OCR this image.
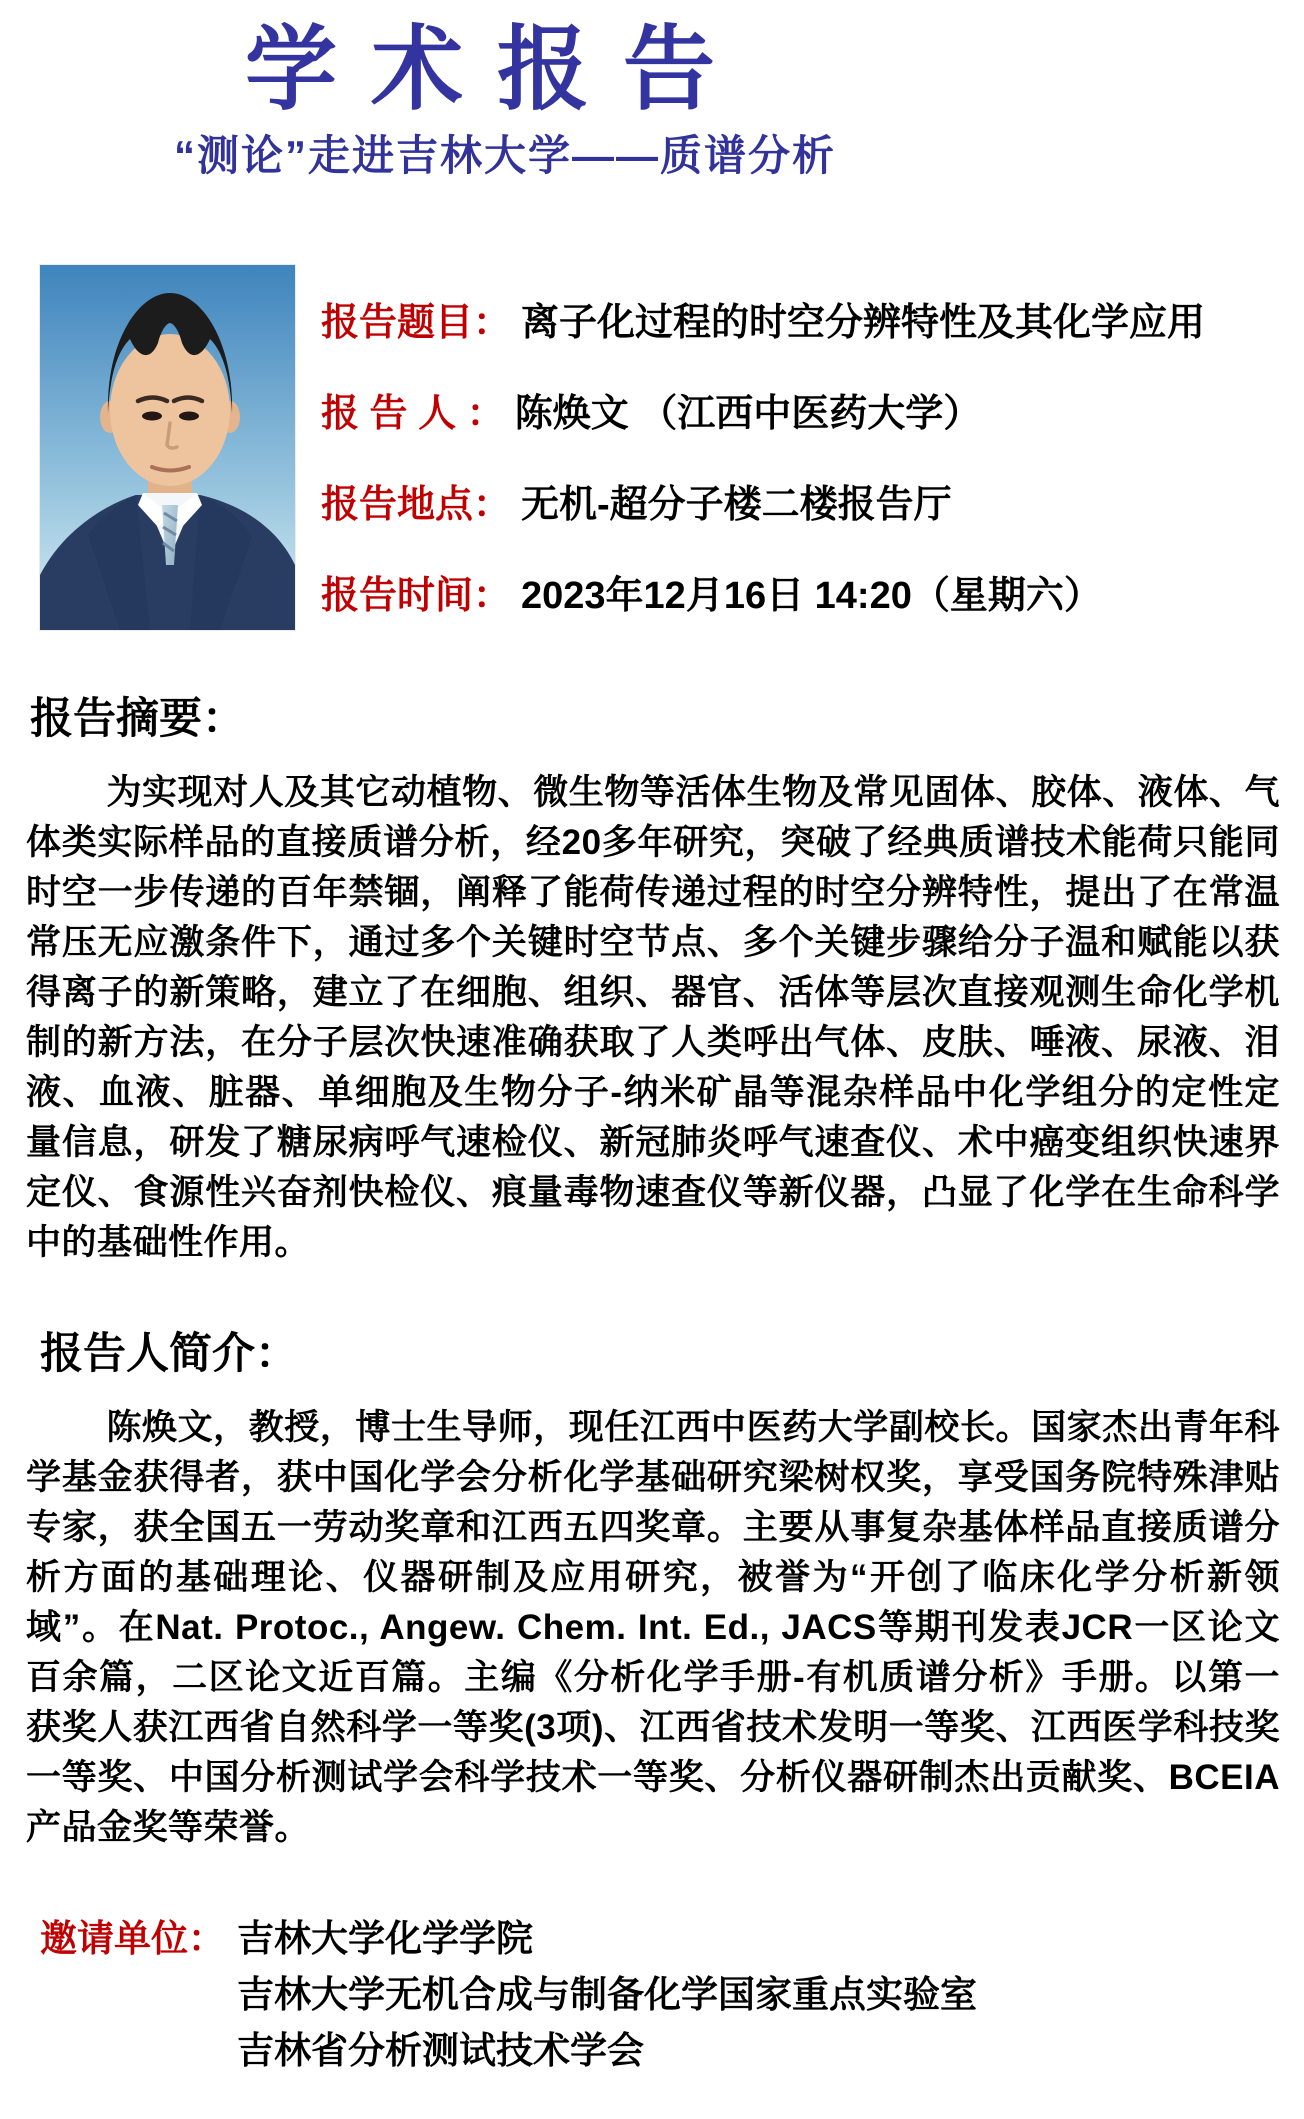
学术报告
“测论”走进吉林大学——质谱分析
报告题目： 离子化过程的时空分辨特性及其化学应用
报 告 人 ： 陈焕文 （江西中医药大学）
报告地点： 无机-超分子楼二楼报告厅
报告时间： 2023年12月16日 14:20（星期六）
报告摘要：

为实现对人及其它动植物、微生物等活体生物及常见固体、胶体、液体、气体类实际样品的直接质谱分析，经20多年研究，突破了经典质谱技术能荷只能同时空一步传递的百年禁锢，阐释了能荷传递过程的时空分辨特性，提出了在常温常压无应激条件下，通过多个关键时空节点、多个关键步骤给分子温和赋能以获得离子的新策略，建立了在细胞、组织、器官、活体等层次直接观测生命化学机制的新方法，在分子层次快速准确获取了人类呼出气体、皮肤、唾液、尿液、泪液、血液、脏器、单细胞及生物分子-纳米矿晶等混杂样品中化学组分的定性定量信息，研发了糖尿病呼气速检仪、新冠肺炎呼气速查仪、术中癌变组织快速界定仪、食源性兴奋剂快检仪、痕量毒物速查仪等新仪器，凸显了化学在生命科学中的基础性作用。

报告人简介：

陈焕文，教授，博士生导师，现任江西中医药大学副校长。国家杰出青年科学基金获得者，获中国化学会分析化学基础研究梁树权奖，享受国务院特殊津贴专家，获全国五一劳动奖章和江西五四奖章。主要从事复杂基体样品直接质谱分析方面的基础理论、仪器研制及应用研究，被誉为“开创了临床化学分析新领域”。在Nat. Protoc., Angew. Chem. Int. Ed., JACS等期刊发表JCR一区论文百余篇，二区论文近百篇。主编《分析化学手册-有机质谱分析》手册。以第一获奖人获江西省自然科学一等奖(3项)、江西省技术发明一等奖、江西医学科技奖一等奖、中国分析测试学会科学技术一等奖、分析仪器研制杰出贡献奖、BCEIA产品金奖等荣誉。

邀请单位： 吉林大学化学学院
吉林大学无机合成与制备化学国家重点实验室
吉林省分析测试技术学会
